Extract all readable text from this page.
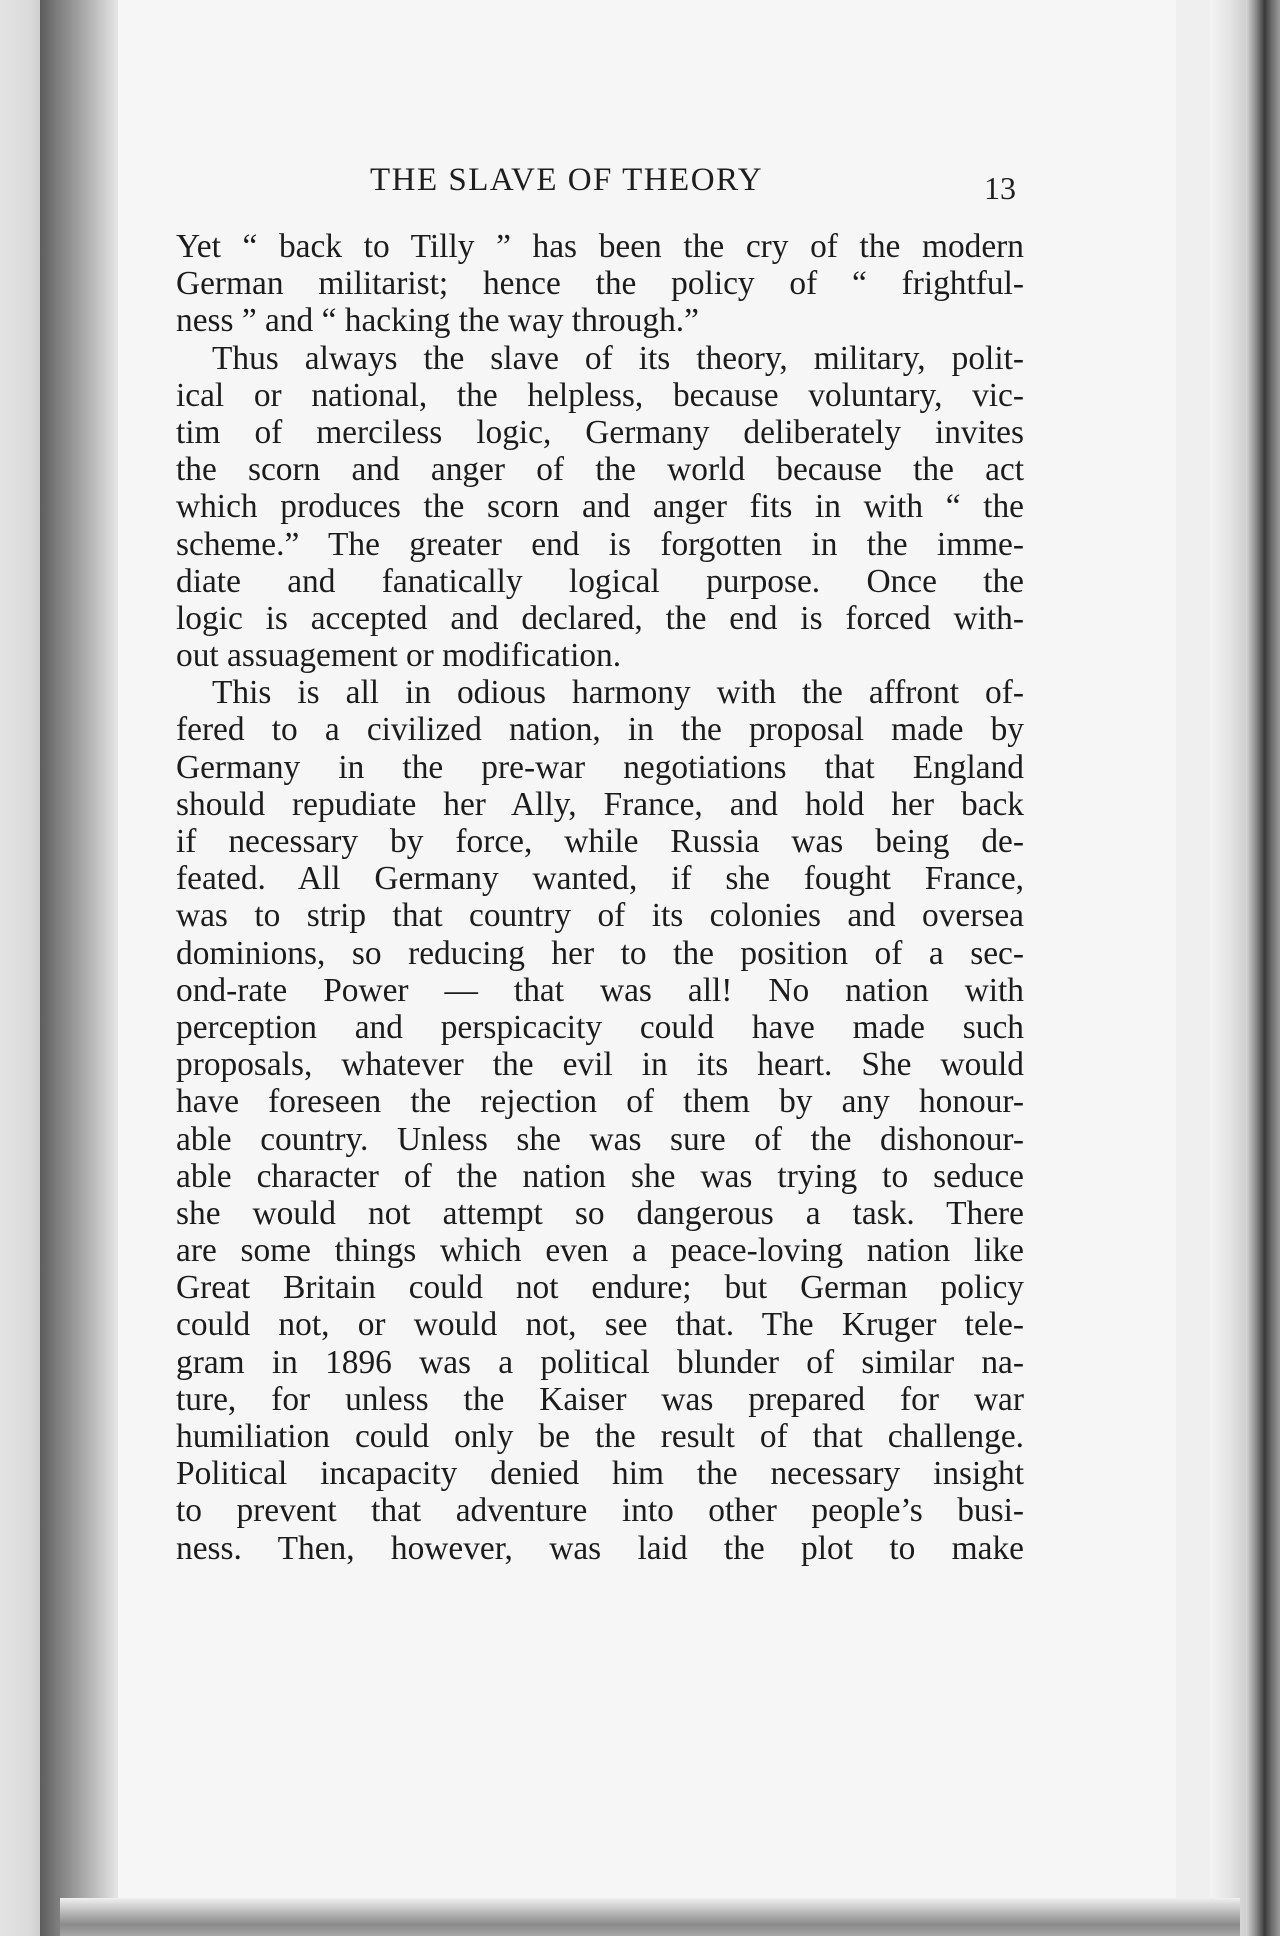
THE SLAVE OF THEORY	13
Yet “ back to Tilly ” has been the cry of the modern
German militarist; hence the policy of “ frightful-
ness ” and “ hacking the way through.”
Thus always the slave of its theory, military, polit-
ical or national, the helpless, because voluntary, vic-
tim of merciless logic, Germany deliberately invites
the scorn and anger of the world because the act
which produces the scorn and anger fits in with “ the
scheme.” The greater end is forgotten in the imme-
diate and fanatically logical purpose. Once the
logic is accepted and declared, the end is forced with-
out assuagement or modification.
This is all in odious harmony with the affront of-
fered to a civilized nation, in the proposal made by
Germany in the pre-war negotiations that England
should repudiate her Ally, France, and hold her back
if necessary by force, while Russia was being de-
feated. All Germany wanted, if she fought France,
was to strip that country of its colonies and oversea
dominions, so reducing her to the position of a sec-
ond-rate Power — that was all! No nation with
perception and perspicacity could have made such
proposals, whatever the evil in its heart. She would
have foreseen the rejection of them by any honour-
able country. Unless she was sure of the dishonour-
able character of the nation she was trying to seduce
she would not attempt so dangerous a task. There
are some things which even a peace-loving nation like
Great Britain could not endure; but German policy
could not, or would not, see that. The Kruger tele-
gram in 1896 was a political blunder of similar na-
ture, for unless the Kaiser was prepared for war
humiliation could only be the result of that challenge.
Political incapacity denied him the necessary insight
to prevent that adventure into other people’s busi-
ness. Then, however, was laid the plot to make
